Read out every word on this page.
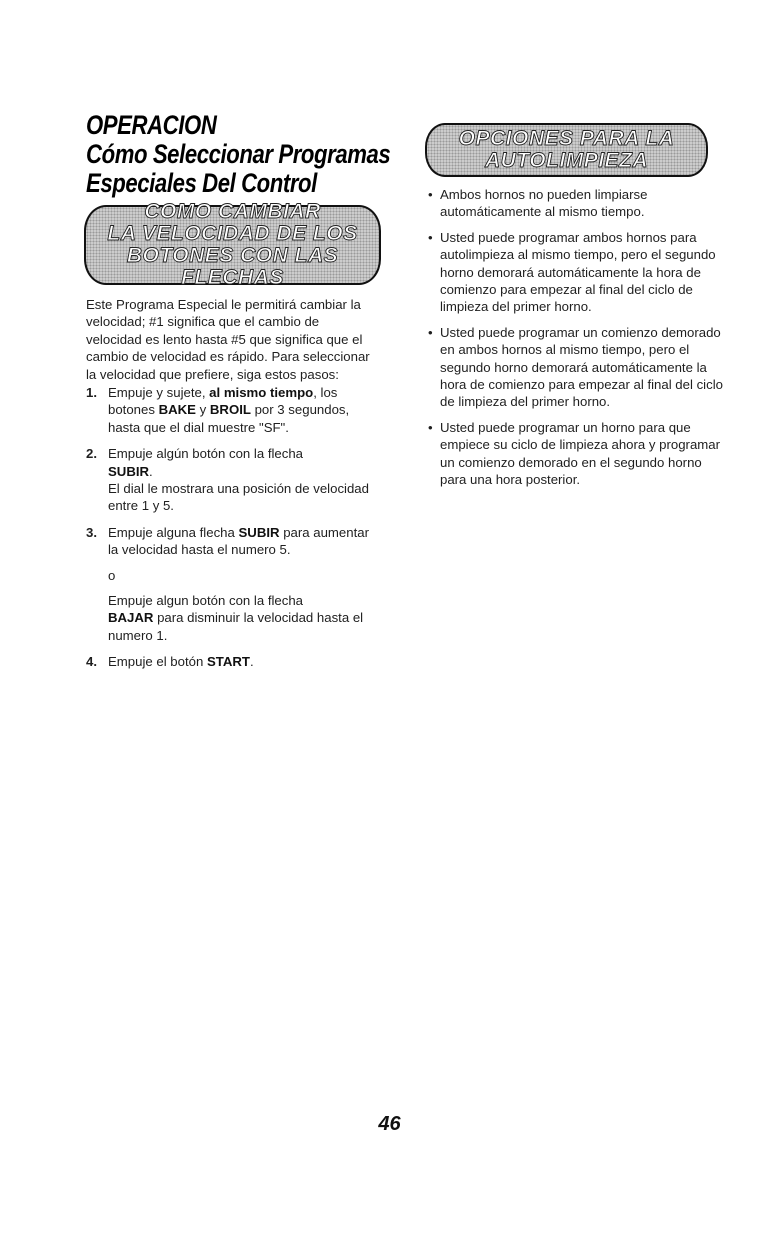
OPERACION
Cómo Seleccionar Programas
Especiales Del Control
COMO CAMBIAR
LA VELOCIDAD DE LOS
BOTONES CON LAS FLECHAS

Este Programa Especial le permitirá cambiar la velocidad; #1 significa que el cambio de velocidad es lento hasta #5 que significa que el cambio de velocidad es rápido. Para seleccionar la velocidad que prefiere, siga estos pasos:

1. Empuje y sujete, al mismo tiempo, los botones BAKE y BROIL por 3 segundos, hasta que el dial muestre "SF".

2. Empuje algún botón con la flecha
SUBIR.

El dial le mostrara una posición de velocidad entre 1 y 5.

3. Empuje alguna flecha SUBIR para aumentar la velocidad hasta el numero 5.

o

Empuje algun botón con la flecha
BAJAR para disminuir la velocidad hasta el numero 1.

4. Empuje el botón START.

OPCIONES PARA LA
AUTOLIMPIEZA
• Ambos hornos no pueden limpiarse automáticamente al mismo tiempo.
• Usted puede programar ambos hornos para autolimpieza al mismo tiempo, pero el segundo horno demorará automáticamente la hora de comienzo para empezar al final del ciclo de limpieza del primer horno.
• Usted puede programar un comienzo demorado en ambos hornos al mismo tiempo, pero el segundo horno demorará automáticamente la hora de comienzo para empezar al final del ciclo de limpieza del primer horno.
• Usted puede programar un horno para que empiece su ciclo de limpieza ahora y programar un comienzo demorado en el segundo horno para una hora posterior.
46
